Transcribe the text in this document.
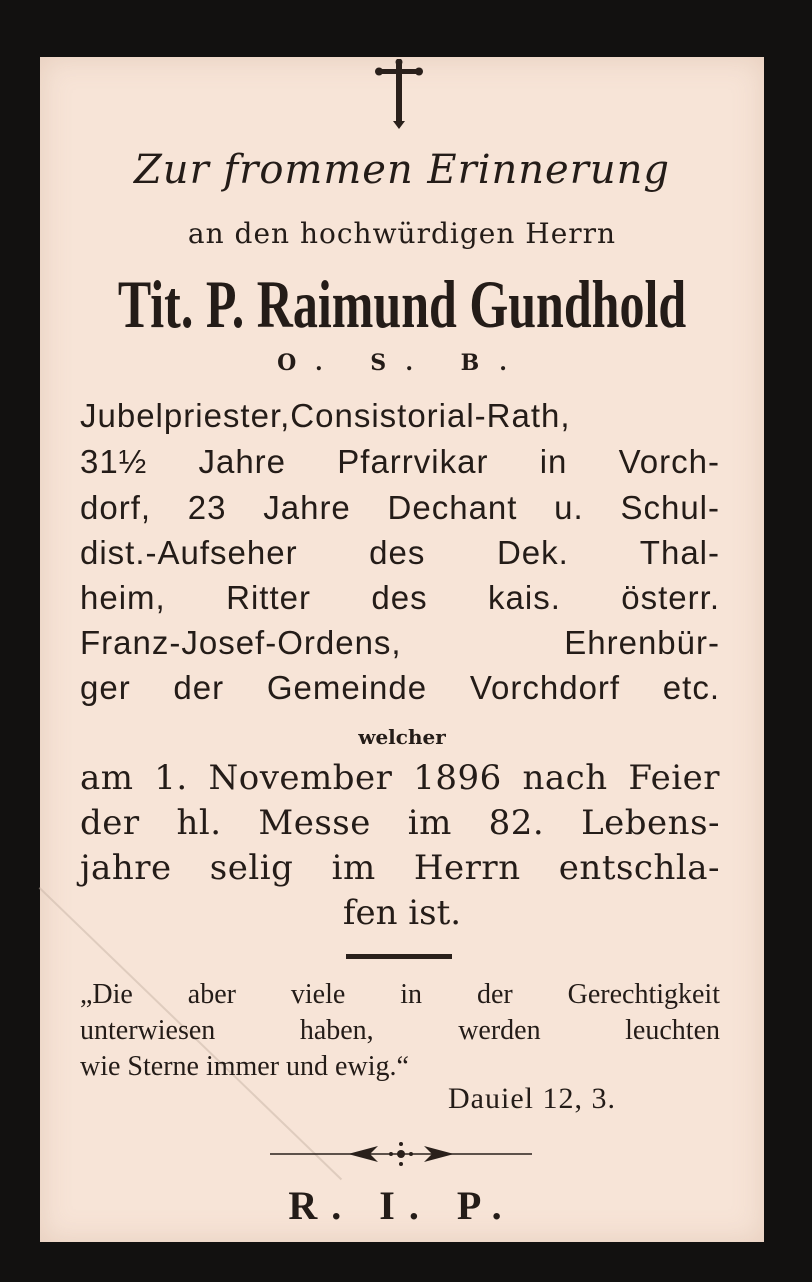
Zur frommen Erinnerung
an den hochwürdigen Herrn
Tit. P. Raimund Gundhold
O. S. B.
Jubelpriester,Consistorial-Rath,
31½ Jahre Pfarrvikar in Vorch-
dorf, 23 Jahre Dechant u. Schul-
dist.-Aufseher des Dek. Thal-
heim, Ritter des kais. österr.
Franz-Josef-Ordens, Ehrenbür-
ger der Gemeinde Vorchdorf etc.
welcher
am 1. November 1896 nach Feier
der hl. Messe im 82. Lebens-
jahre selig im Herrn entschla-
fen ist.
„Die aber viele in der Gerechtigkeit
unterwiesen haben, werden leuchten
wie Sterne immer und ewig.“
Dauiel 12, 3.
R. I. P.
